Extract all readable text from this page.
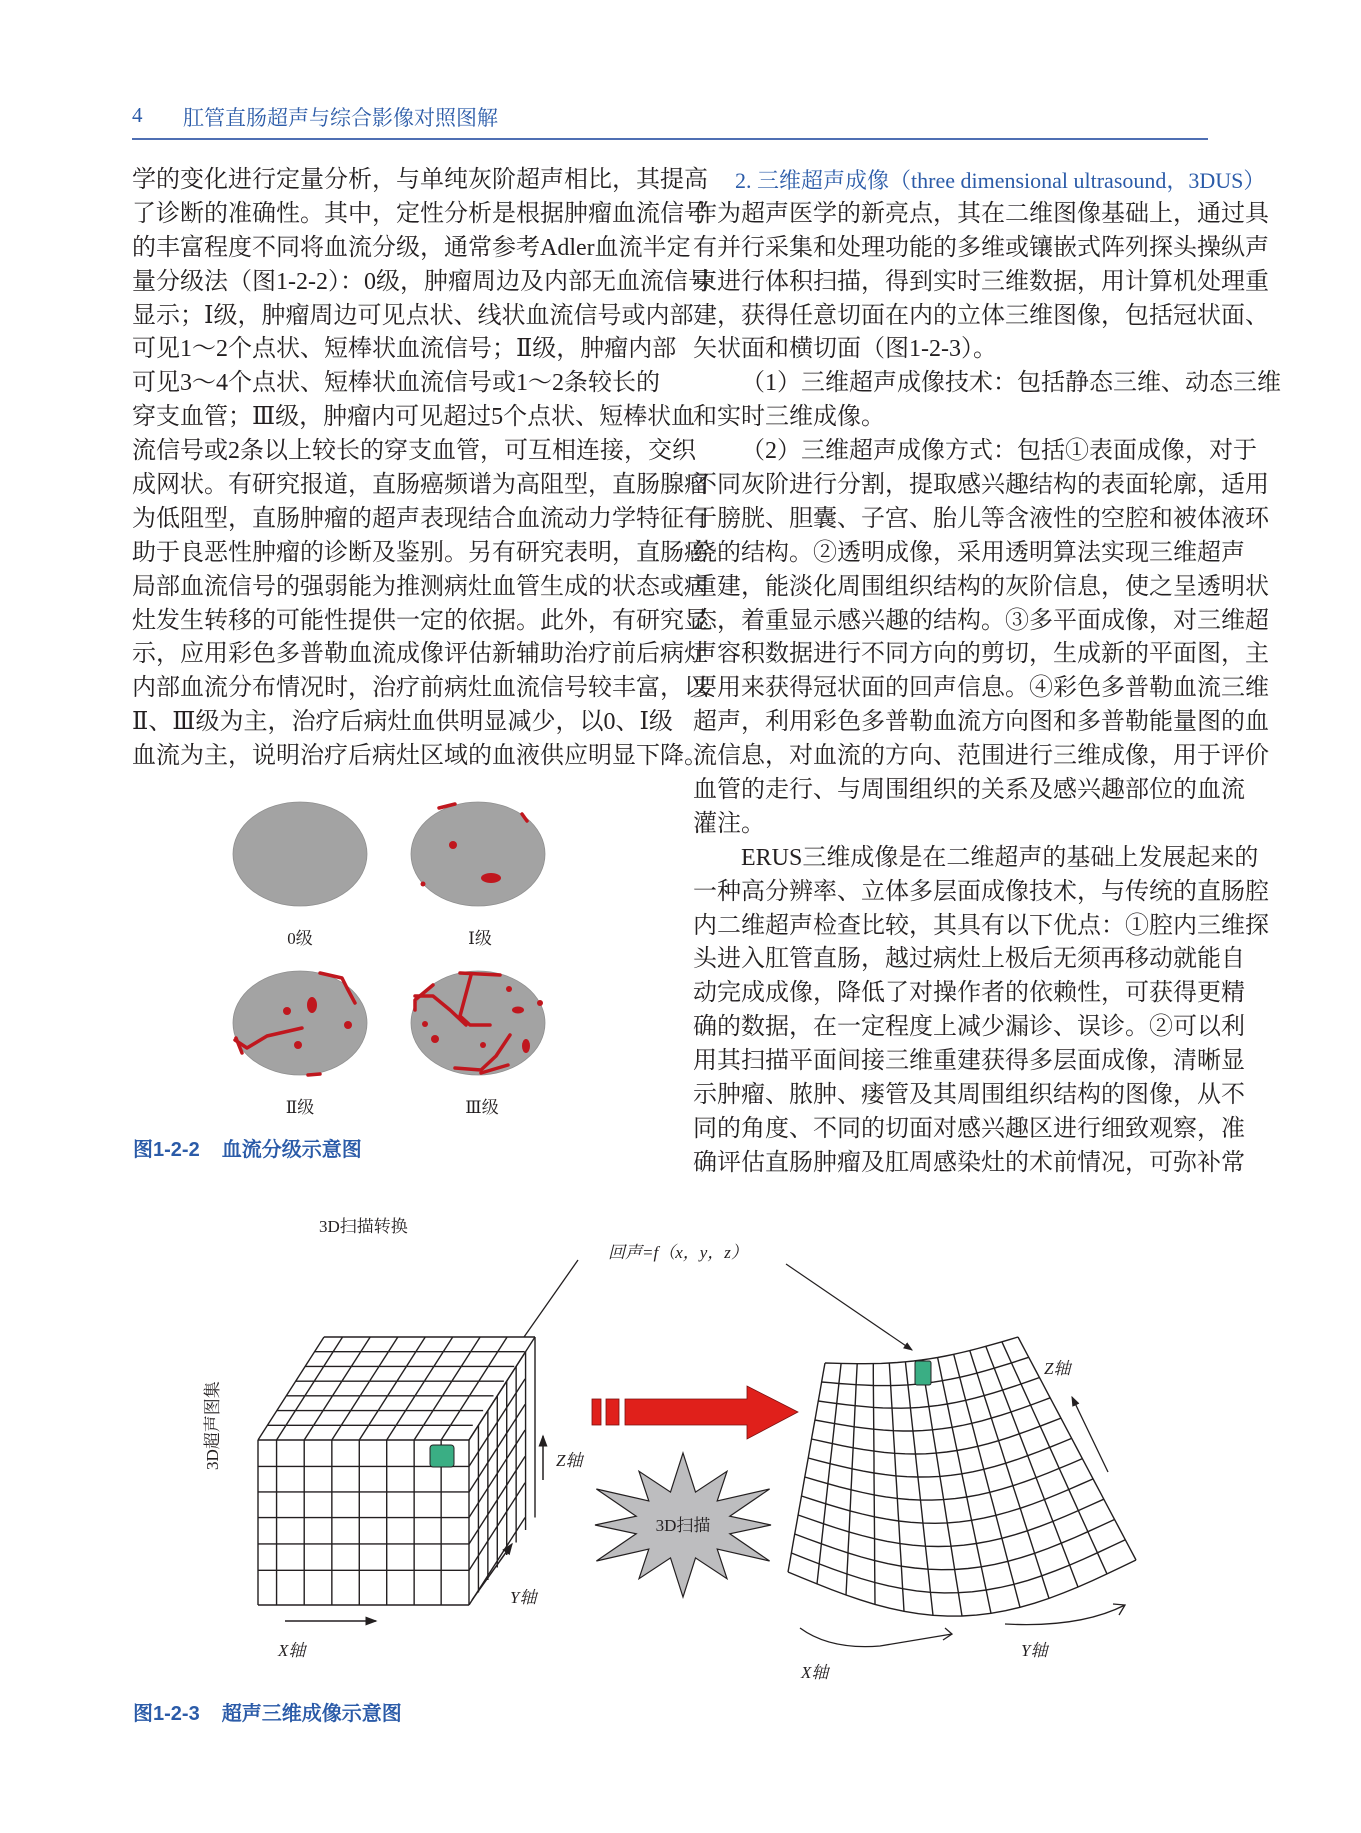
4 肛管直肠超声与综合影像对照图解
学的变化进行定量分析，与单纯灰阶超声相比，其提高
了诊断的准确性。其中，定性分析是根据肿瘤血流信号
的丰富程度不同将血流分级，通常参考Adler血流半定
量分级法（图1-2-2）：0级，肿瘤周边及内部无血流信号
显示；Ⅰ级，肿瘤周边可见点状、线状血流信号或内部
可见1～2个点状、短棒状血流信号；Ⅱ级，肿瘤内部
可见3～4个点状、短棒状血流信号或1～2条较长的
穿支血管；Ⅲ级，肿瘤内可见超过5个点状、短棒状血
流信号或2条以上较长的穿支血管，可互相连接，交织
成网状。有研究报道，直肠癌频谱为高阻型，直肠腺瘤
为低阻型，直肠肿瘤的超声表现结合血流动力学特征有
助于良恶性肿瘤的诊断及鉴别。另有研究表明，直肠癌
局部血流信号的强弱能为推测病灶血管生成的状态或病
灶发生转移的可能性提供一定的依据。此外，有研究显
示，应用彩色多普勒血流成像评估新辅助治疗前后病灶
内部血流分布情况时，治疗前病灶血流信号较丰富，以
Ⅱ、Ⅲ级为主，治疗后病灶血供明显减少，以0、Ⅰ级
血流为主，说明治疗后病灶区域的血液供应明显下降。
2. 三维超声成像（three dimensional ultrasound，3DUS）
作为超声医学的新亮点，其在二维图像基础上，通过具
有并行采集和处理功能的多维或镶嵌式阵列探头操纵声
束进行体积扫描，得到实时三维数据，用计算机处理重
建，获得任意切面在内的立体三维图像，包括冠状面、
矢状面和横切面（图1-2-3）。
（1）三维超声成像技术：包括静态三维、动态三维
和实时三维成像。
（2）三维超声成像方式：包括①表面成像，对于
不同灰阶进行分割，提取感兴趣结构的表面轮廓，适用
于膀胱、胆囊、子宫、胎儿等含液性的空腔和被体液环
绕的结构。②透明成像，采用透明算法实现三维超声
重建，能淡化周围组织结构的灰阶信息，使之呈透明状
态，着重显示感兴趣的结构。③多平面成像，对三维超
声容积数据进行不同方向的剪切，生成新的平面图，主
要用来获得冠状面的回声信息。④彩色多普勒血流三维
超声，利用彩色多普勒血流方向图和多普勒能量图的血
流信息，对血流的方向、范围进行三维成像，用于评价
血管的走行、与周围组织的关系及感兴趣部位的血流
灌注。
ERUS三维成像是在二维超声的基础上发展起来的
一种高分辨率、立体多层面成像技术，与传统的直肠腔
内二维超声检查比较，其具有以下优点：①腔内三维探
头进入肛管直肠，越过病灶上极后无须再移动就能自
动完成成像，降低了对操作者的依赖性，可获得更精
确的数据，在一定程度上减少漏诊、误诊。②可以利
用其扫描平面间接三维重建获得多层面成像，清晰显
示肿瘤、脓肿、瘘管及其周围组织结构的图像，从不
同的角度、不同的切面对感兴趣区进行细致观察，准
确评估直肠肿瘤及肛周感染灶的术前情况，可弥补常
0级	Ⅰ级
Ⅱ级	Ⅲ级
3D扫描转换
回声=f（x，y，z）
3D超声图集	Z轴
Y轴
X轴
3D扫描
Z轴
X轴
Y轴
图1-2-2 血流分级示意图
图1-2-3 超声三维成像示意图
